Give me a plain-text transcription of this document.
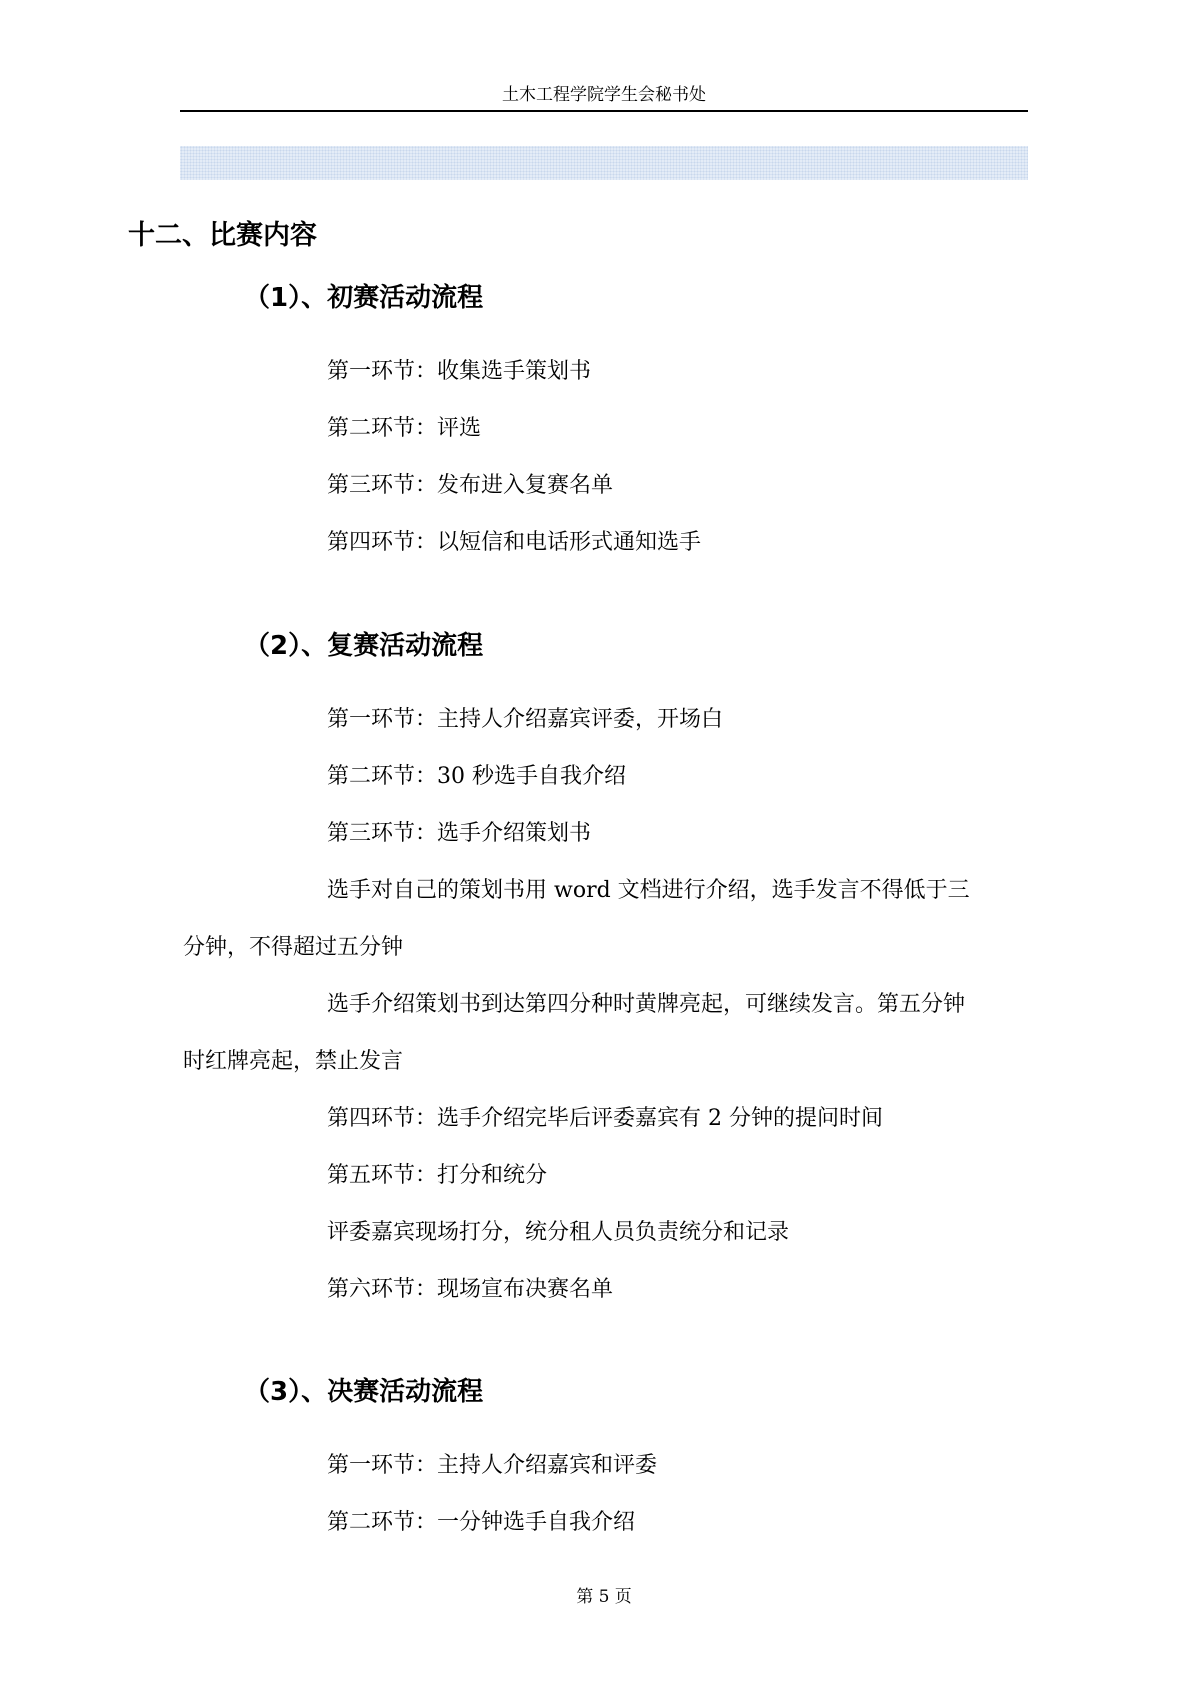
土木工程学院学生会秘书处
十二、比赛内容
（1）、初赛活动流程
第一环节：收集选手策划书
第二环节：评选
第三环节：发布进入复赛名单
第四环节：以短信和电话形式通知选手
（2）、复赛活动流程
第一环节：主持人介绍嘉宾评委，开场白
第二环节：30 秒选手自我介绍
第三环节：选手介绍策划书
选手对自己的策划书用 word 文档进行介绍，选手发言不得低于三
分钟，不得超过五分钟
选手介绍策划书到达第四分种时黄牌亮起，可继续发言。第五分钟
时红牌亮起，禁止发言
第四环节：选手介绍完毕后评委嘉宾有 2 分钟的提问时间
第五环节：打分和统分
评委嘉宾现场打分，统分租人员负责统分和记录
第六环节：现场宣布决赛名单
（3）、决赛活动流程
第一环节：主持人介绍嘉宾和评委
第二环节：一分钟选手自我介绍
第 5 页
